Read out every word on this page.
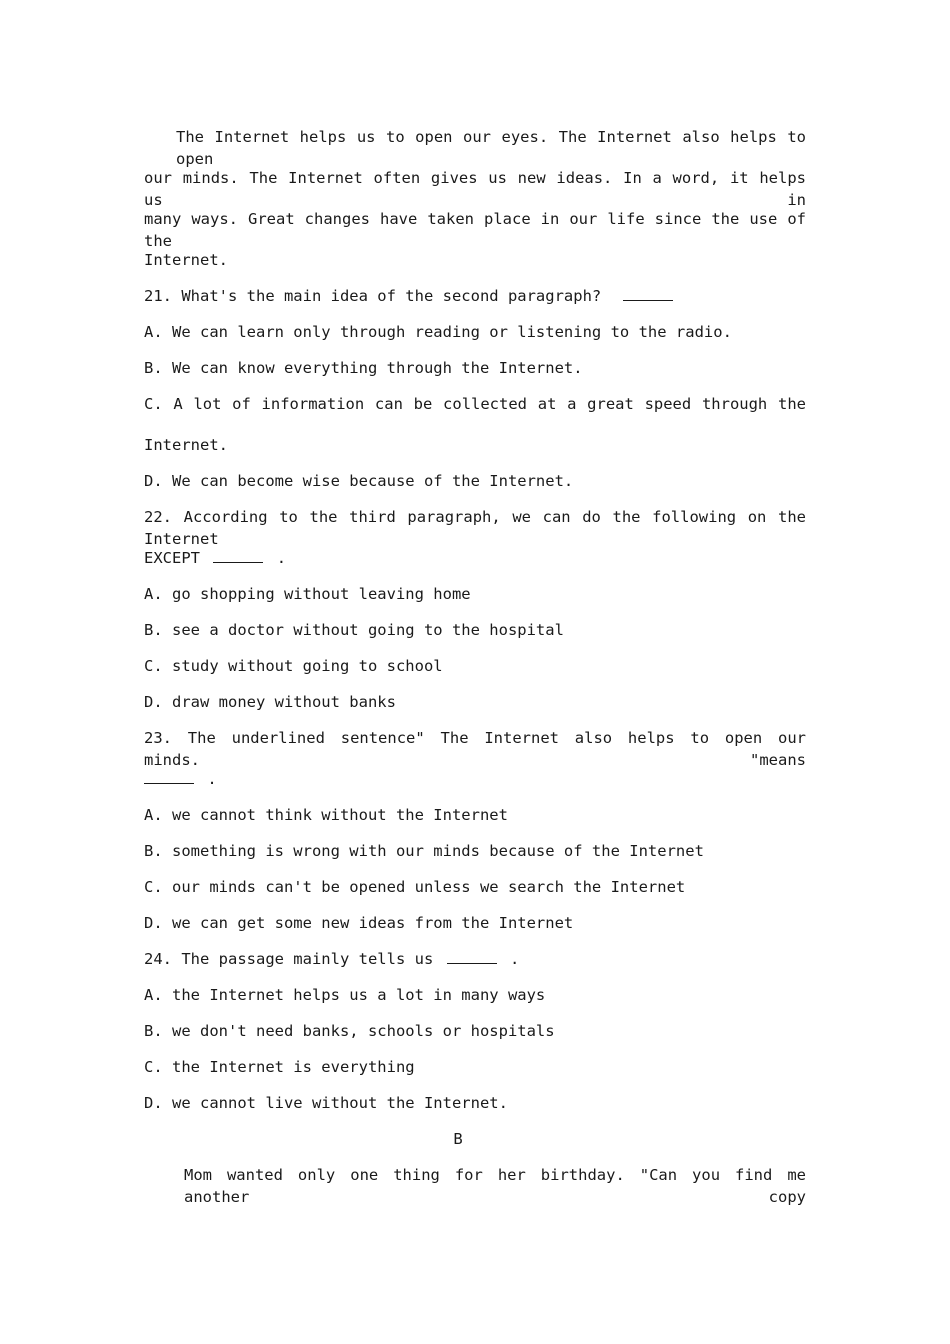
The Internet helps us to open our eyes. The Internet also helps to open
our minds. The Internet often gives us new ideas. In a word, it helps us in
many ways. Great changes have taken place in our life since the use of the
Internet.
21. What's the main idea of the second paragraph?
A. We can learn only through reading or listening to the radio.
B. We can know everything through the Internet.
C. A lot of information can be collected at a great speed through the
Internet.
D. We can become wise because of the Internet.
22. According to the third paragraph, we can do the following on the Internet
EXCEPT	.
A. go shopping without leaving home
B. see a doctor without going to the hospital
C. study without going to school
D. draw money without banks
23. The underlined sentence" The Internet also helps to open our minds. "means
.
A. we cannot think without the Internet
B. something is wrong with our minds because of the Internet
C. our minds can't be opened unless we search the Internet
D. we can get some new ideas from the Internet
24. The passage mainly tells us	.
A. the Internet helps us a lot in many ways
B. we don't need banks, schools or hospitals
C. the Internet is everything
D. we cannot live without the Internet.
B
Mom wanted only one thing for her birthday. "Can you find me another copy
